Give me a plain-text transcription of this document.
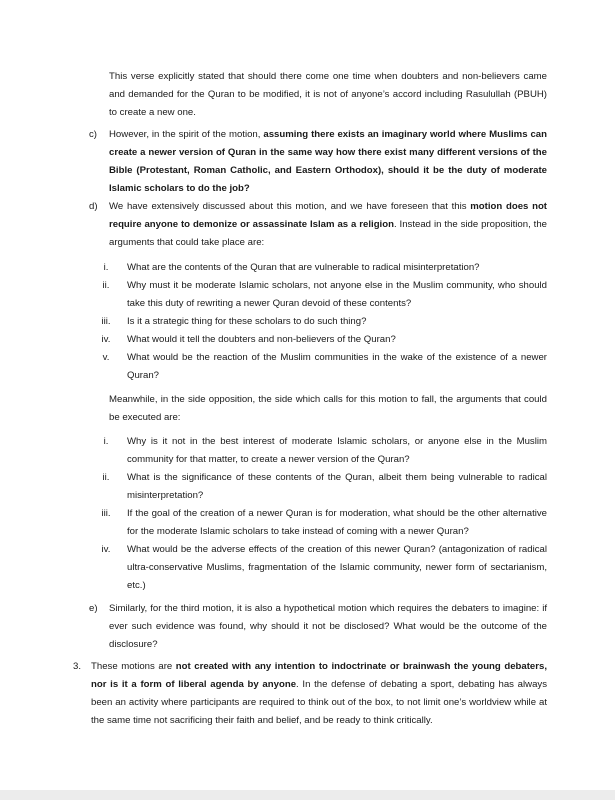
This verse explicitly stated that should there come one time when doubters and non-believers came and demanded for the Quran to be modified, it is not of anyone’s accord including Rasulullah (PBUH) to create a new one.
c) However, in the spirit of the motion, assuming there exists an imaginary world where Muslims can create a newer version of Quran in the same way how there exist many different versions of the Bible (Protestant, Roman Catholic, and Eastern Orthodox), should it be the duty of moderate Islamic scholars to do the job?
d) We have extensively discussed about this motion, and we have foreseen that this motion does not require anyone to demonize or assassinate Islam as a religion. Instead in the side proposition, the arguments that could take place are:
i.	What are the contents of the Quran that are vulnerable to radical misinterpretation?
ii.	Why must it be moderate Islamic scholars, not anyone else in the Muslim community, who should take this duty of rewriting a newer Quran devoid of these contents?
iii.	Is it a strategic thing for these scholars to do such thing?
iv.	What would it tell the doubters and non-believers of the Quran?
v.	What would be the reaction of the Muslim communities in the wake of the existence of a newer Quran?
Meanwhile, in the side opposition, the side which calls for this motion to fall, the arguments that could be executed are:
i.	Why is it not in the best interest of moderate Islamic scholars, or anyone else in the Muslim community for that matter, to create a newer version of the Quran?
ii.	What is the significance of these contents of the Quran, albeit them being vulnerable to radical misinterpretation?
iii.	If the goal of the creation of a newer Quran is for moderation, what should be the other alternative for the moderate Islamic scholars to take instead of coming with a newer Quran?
iv.	What would be the adverse effects of the creation of this newer Quran? (antagonization of radical ultra-conservative Muslims, fragmentation of the Islamic community, newer form of sectarianism, etc.)
e) Similarly, for the third motion, it is also a hypothetical motion which requires the debaters to imagine: if ever such evidence was found, why should it not be disclosed? What would be the outcome of the disclosure?
3. These motions are not created with any intention to indoctrinate or brainwash the young debaters, nor is it a form of liberal agenda by anyone. In the defense of debating a sport, debating has always been an activity where participants are required to think out of the box, to not limit one’s worldview while at the same time not sacrificing their faith and belief, and be ready to think critically.
